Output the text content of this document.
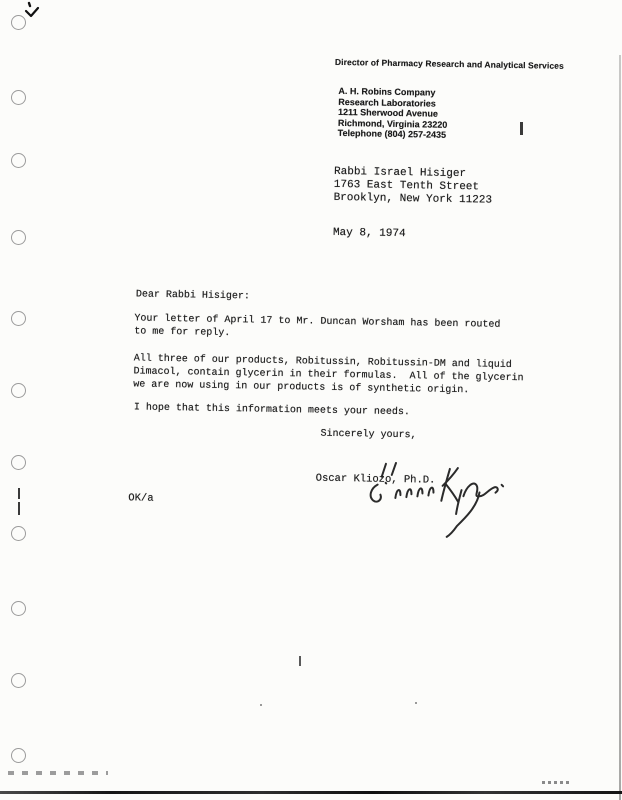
Director of Pharmacy Research and Analytical Services
A. H. Robins Company
Research Laboratories
1211 Sherwood Avenue
Richmond, Virginia 23220
Telephone (804) 257-2435
Rabbi Israel Hisiger
1763 East Tenth Street
Brooklyn, New York 11223
May 8, 1974
Dear Rabbi Hisiger:
Your letter of April 17 to Mr. Duncan Worsham has been routed
to me for reply.
All three of our products, Robitussin, Robitussin-DM and liquid
Dimacol, contain glycerin in their formulas.  All of the glycerin
we are now using in our products is of synthetic origin.
I hope that this information meets your needs.
Sincerely yours,

Oscar Kliozo, Ph.D.
OK/a
